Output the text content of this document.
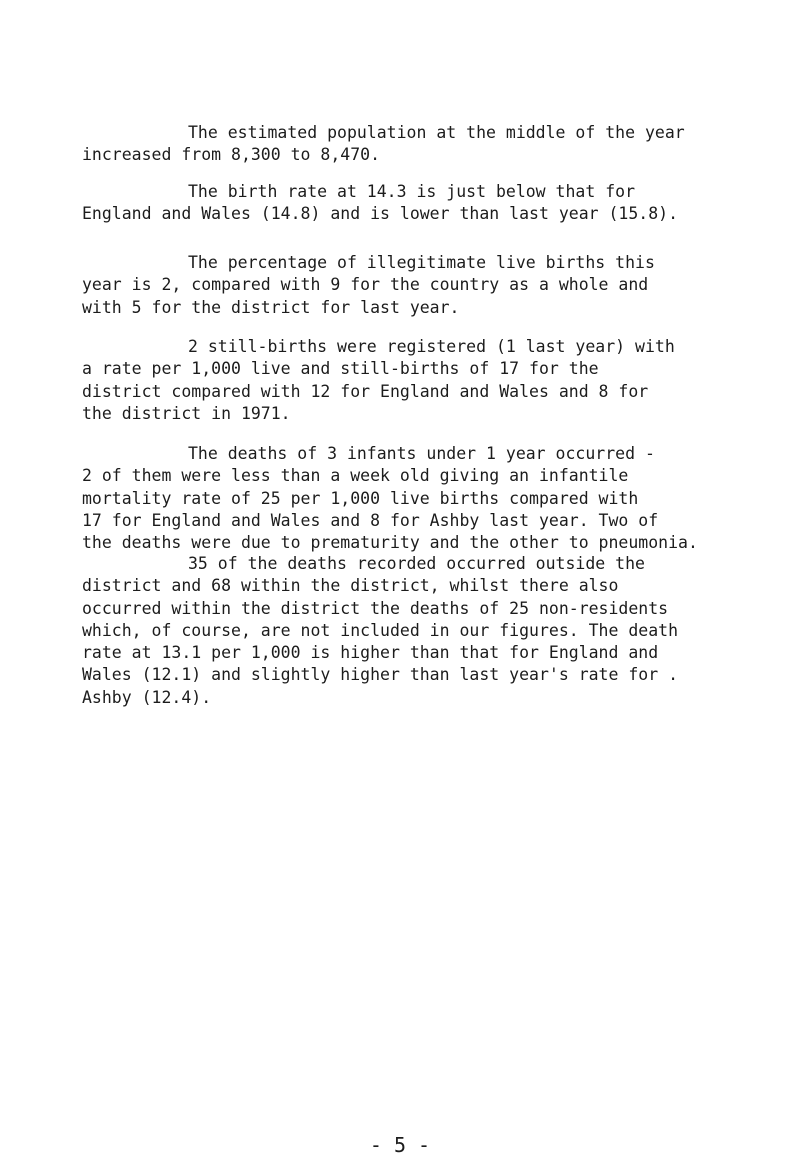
The estimated population at the middle of the year
increased from 8,300 to 8,470.

The birth rate at 14.3 is just below that for
England and Wales (14.8) and is lower than last year (15.8).

The percentage of illegitimate live births this
year is 2, compared with 9 for the country as a whole and
with 5 for the district for last year.

2 still-births were registered (1 last year) with
a rate per 1,000 live and still-births of 17 for the
district compared with 12 for England and Wales and 8 for
the district in 1971.

The deaths of 3 infants under 1 year occurred -
2 of them were less than a week old giving an infantile
mortality rate of 25 per 1,000 live births compared with
17 for England and Wales and 8 for Ashby last year. Two of
the deaths were due to prematurity and the other to pneumonia.

35 of the deaths recorded occurred outside the
district and 68 within the district, whilst there also
occurred within the district the deaths of 25 non-residents
which, of course, are not included in our figures. The death
rate at 13.1 per 1,000 is higher than that for England and
Wales (12.1) and slightly higher than last year's rate for .
Ashby (12.4).

- 5 -
